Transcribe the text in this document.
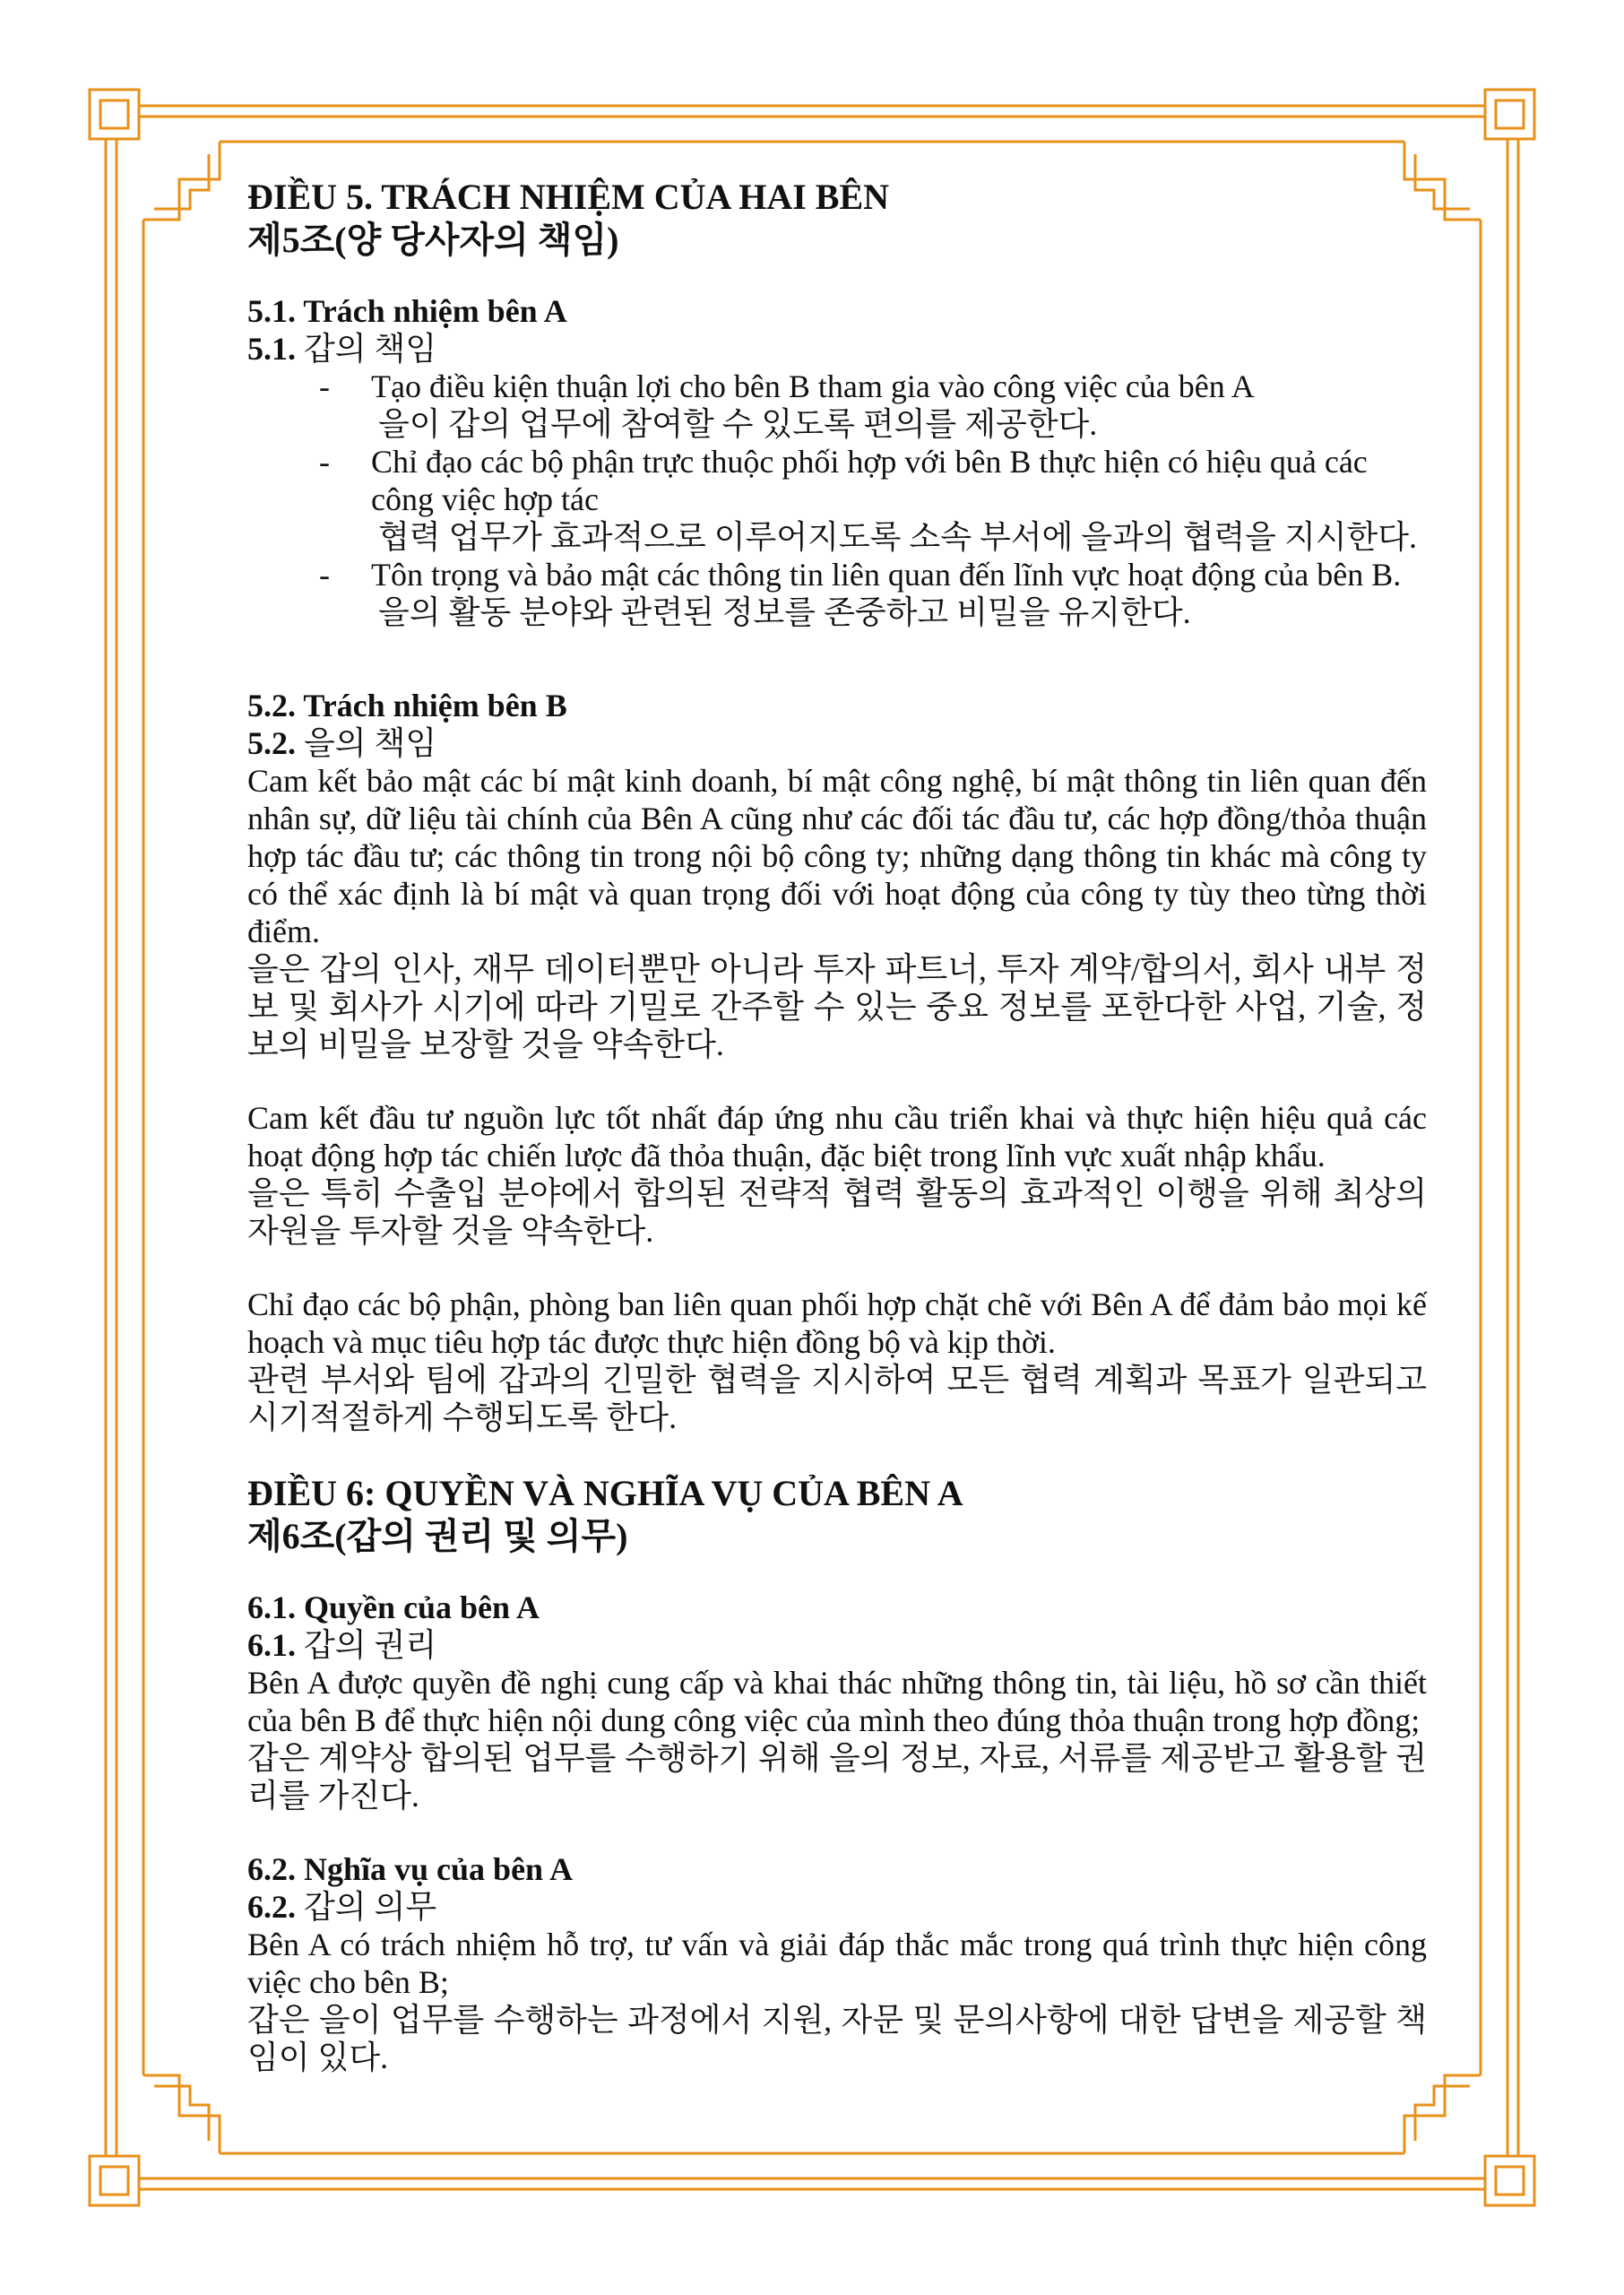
ĐIỀU 5. TRÁCH NHIỆM CỦA HAI BÊN
제5조(양 당사자의 책임)
5.1. Trách nhiệm bên A
5.1. 갑의 책임
- Tạo điều kiện thuận lợi cho bên B tham gia vào công việc của bên A
을이 갑의 업무에 참여할 수 있도록 편의를 제공한다.
- Chỉ đạo các bộ phận trực thuộc phối hợp với bên B thực hiện có hiệu quả các công việc hợp tác
협력 업무가 효과적으로 이루어지도록 소속 부서에 을과의 협력을 지시한다.
- Tôn trọng và bảo mật các thông tin liên quan đến lĩnh vực hoạt động của bên B.
을의 활동 분야와 관련된 정보를 존중하고 비밀을 유지한다.
5.2. Trách nhiệm bên B
5.2. 을의 책임

Cam kết bảo mật các bí mật kinh doanh, bí mật công nghệ, bí mật thông tin liên quan đến nhân sự, dữ liệu tài chính của Bên A cũng như các đối tác đầu tư, các hợp đồng/thỏa thuận hợp tác đầu tư; các thông tin trong nội bộ công ty; những dạng thông tin khác mà công ty có thể xác định là bí mật và quan trọng đối với hoạt động của công ty tùy theo từng thời điểm.

을은 갑의 인사, 재무 데이터뿐만 아니라 투자 파트너, 투자 계약/합의서, 회사 내부 정보 및 회사가 시기에 따라 기밀로 간주할 수 있는 중요 정보를 포한다한 사업, 기술, 정보의 비밀을 보장할 것을 약속한다.

Cam kết đầu tư nguồn lực tốt nhất đáp ứng nhu cầu triển khai và thực hiện hiệu quả các hoạt động hợp tác chiến lược đã thỏa thuận, đặc biệt trong lĩnh vực xuất nhập khẩu.

을은 특히 수출입 분야에서 합의된 전략적 협력 활동의 효과적인 이행을 위해 최상의 자원을 투자할 것을 약속한다.

Chỉ đạo các bộ phận, phòng ban liên quan phối hợp chặt chẽ với Bên A để đảm bảo mọi kế hoạch và mục tiêu hợp tác được thực hiện đồng bộ và kịp thời.

관련 부서와 팀에 갑과의 긴밀한 협력을 지시하여 모든 협력 계획과 목표가 일관되고 시기적절하게 수행되도록 한다.

ĐIỀU 6: QUYỀN VÀ NGHĨA VỤ CỦA BÊN A
제6조(갑의 권리 및 의무)
6.1. Quyền của bên A
6.1. 갑의 권리

Bên A được quyền đề nghị cung cấp và khai thác những thông tin, tài liệu, hồ sơ cần thiết của bên B để thực hiện nội dung công việc của mình theo đúng thỏa thuận trong hợp đồng;

갑은 계약상 합의된 업무를 수행하기 위해 을의 정보, 자료, 서류를 제공받고 활용할 권리를 가진다.

6.2. Nghĩa vụ của bên A
6.2. 갑의 의무

Bên A có trách nhiệm hỗ trợ, tư vấn và giải đáp thắc mắc trong quá trình thực hiện công việc cho bên B;

갑은 을이 업무를 수행하는 과정에서 지원, 자문 및 문의사항에 대한 답변을 제공할 책임이 있다.
